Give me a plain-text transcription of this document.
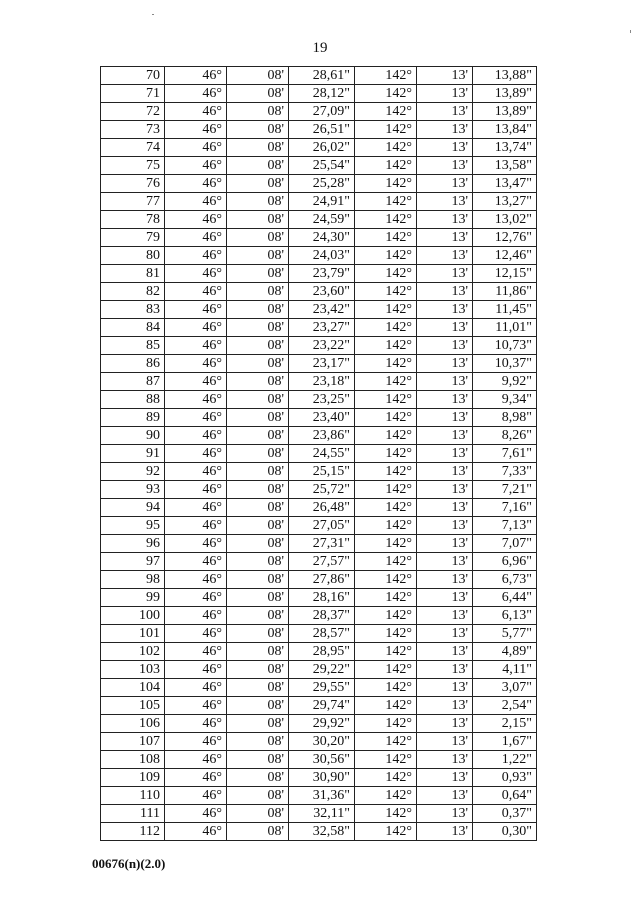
19
70	46°	08'	28,61"	142°	13'	13,88"
71	46°	08'	28,12"	142°	13'	13,89"
72	46°	08'	27,09"	142°	13'	13,89"
73	46°	08'	26,51"	142°	13'	13,84"
74	46°	08'	26,02"	142°	13'	13,74"
75	46°	08'	25,54"	142°	13'	13,58"
76	46°	08'	25,28"	142°	13'	13,47"
77	46°	08'	24,91"	142°	13'	13,27"
78	46°	08'	24,59"	142°	13'	13,02"
79	46°	08'	24,30"	142°	13'	12,76"
80	46°	08'	24,03"	142°	13'	12,46"
81	46°	08'	23,79"	142°	13'	12,15"
82	46°	08'	23,60"	142°	13'	11,86"
83	46°	08'	23,42"	142°	13'	11,45"
84	46°	08'	23,27"	142°	13'	11,01"
85	46°	08'	23,22"	142°	13'	10,73"
86	46°	08'	23,17"	142°	13'	10,37"
87	46°	08'	23,18"	142°	13'	9,92"
88	46°	08'	23,25"	142°	13'	9,34"
89	46°	08'	23,40"	142°	13'	8,98"
90	46°	08'	23,86"	142°	13'	8,26"
91	46°	08'	24,55"	142°	13'	7,61"
92	46°	08'	25,15"	142°	13'	7,33"
93	46°	08'	25,72"	142°	13'	7,21"
94	46°	08'	26,48"	142°	13'	7,16"
95	46°	08'	27,05"	142°	13'	7,13"
96	46°	08'	27,31"	142°	13'	7,07"
97	46°	08'	27,57"	142°	13'	6,96"
98	46°	08'	27,86"	142°	13'	6,73"
99	46°	08'	28,16"	142°	13'	6,44"
100	46°	08'	28,37"	142°	13'	6,13"
101	46°	08'	28,57"	142°	13'	5,77"
102	46°	08'	28,95"	142°	13'	4,89"
103	46°	08'	29,22"	142°	13'	4,11"
104	46°	08'	29,55"	142°	13'	3,07"
105	46°	08'	29,74"	142°	13'	2,54"
106	46°	08'	29,92"	142°	13'	2,15"
107	46°	08'	30,20"	142°	13'	1,67"
108	46°	08'	30,56"	142°	13'	1,22"
109	46°	08'	30,90"	142°	13'	0,93"
110	46°	08'	31,36"	142°	13'	0,64"
111	46°	08'	32,11"	142°	13'	0,37"
112	46°	08'	32,58"	142°	13'	0,30"
00676(n)(2.0)
